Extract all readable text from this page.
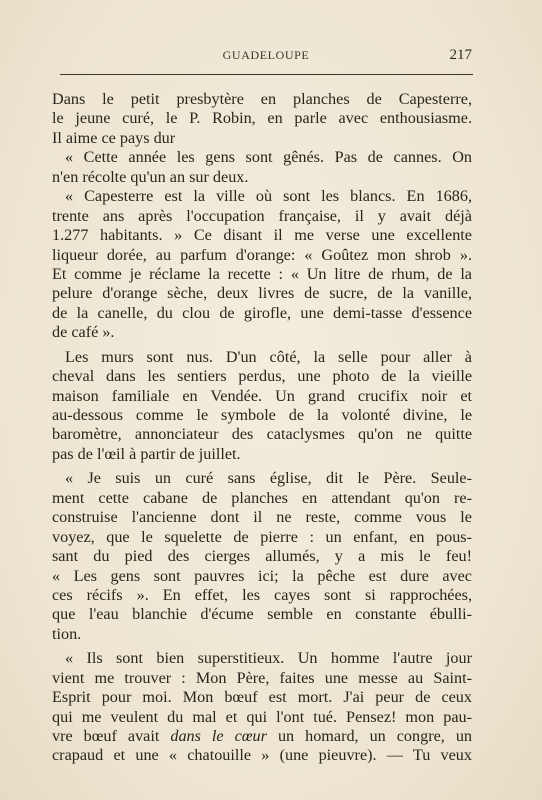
GUADELOUPE	217
Dans le petit presbytère en planches de Capesterre,
le jeune curé, le P. Robin, en parle avec enthousiasme.
Il aime ce pays dur
« Cette année les gens sont gênés. Pas de cannes. On
n'en récolte qu'un an sur deux.
« Capesterre est la ville où sont les blancs. En 1686,
trente ans après l'occupation française, il y avait déjà
1.277 habitants. » Ce disant il me verse une excellente
liqueur dorée, au parfum d'orange: « Goûtez mon shrob ».
Et comme je réclame la recette : « Un litre de rhum, de la
pelure d'orange sèche, deux livres de sucre, de la vanille,
de la canelle, du clou de girofle, une demi-tasse d'essence
de café ».
Les murs sont nus. D'un côté, la selle pour aller à
cheval dans les sentiers perdus, une photo de la vieille
maison familiale en Vendée. Un grand crucifix noir et
au-dessous comme le symbole de la volonté divine, le
baromètre, annonciateur des cataclysmes qu'on ne quitte
pas de l'œil à partir de juillet.
« Je suis un curé sans église, dit le Père. Seule-
ment cette cabane de planches en attendant qu'on re-
construise l'ancienne dont il ne reste, comme vous le
voyez, que le squelette de pierre : un enfant, en pous-
sant du pied des cierges allumés, y a mis le feu!
« Les gens sont pauvres ici; la pêche est dure avec
ces récifs ». En effet, les cayes sont si rapprochées,
que l'eau blanchie d'écume semble en constante ébulli-
tion.
« Ils sont bien superstitieux. Un homme l'autre jour
vient me trouver : Mon Père, faites une messe au Saint-
Esprit pour moi. Mon bœuf est mort. J'ai peur de ceux
qui me veulent du mal et qui l'ont tué. Pensez! mon pau-
vre bœuf avait dans le cœur un homard, un congre, un
crapaud et une « chatouille » (une pieuvre). — Tu veux
